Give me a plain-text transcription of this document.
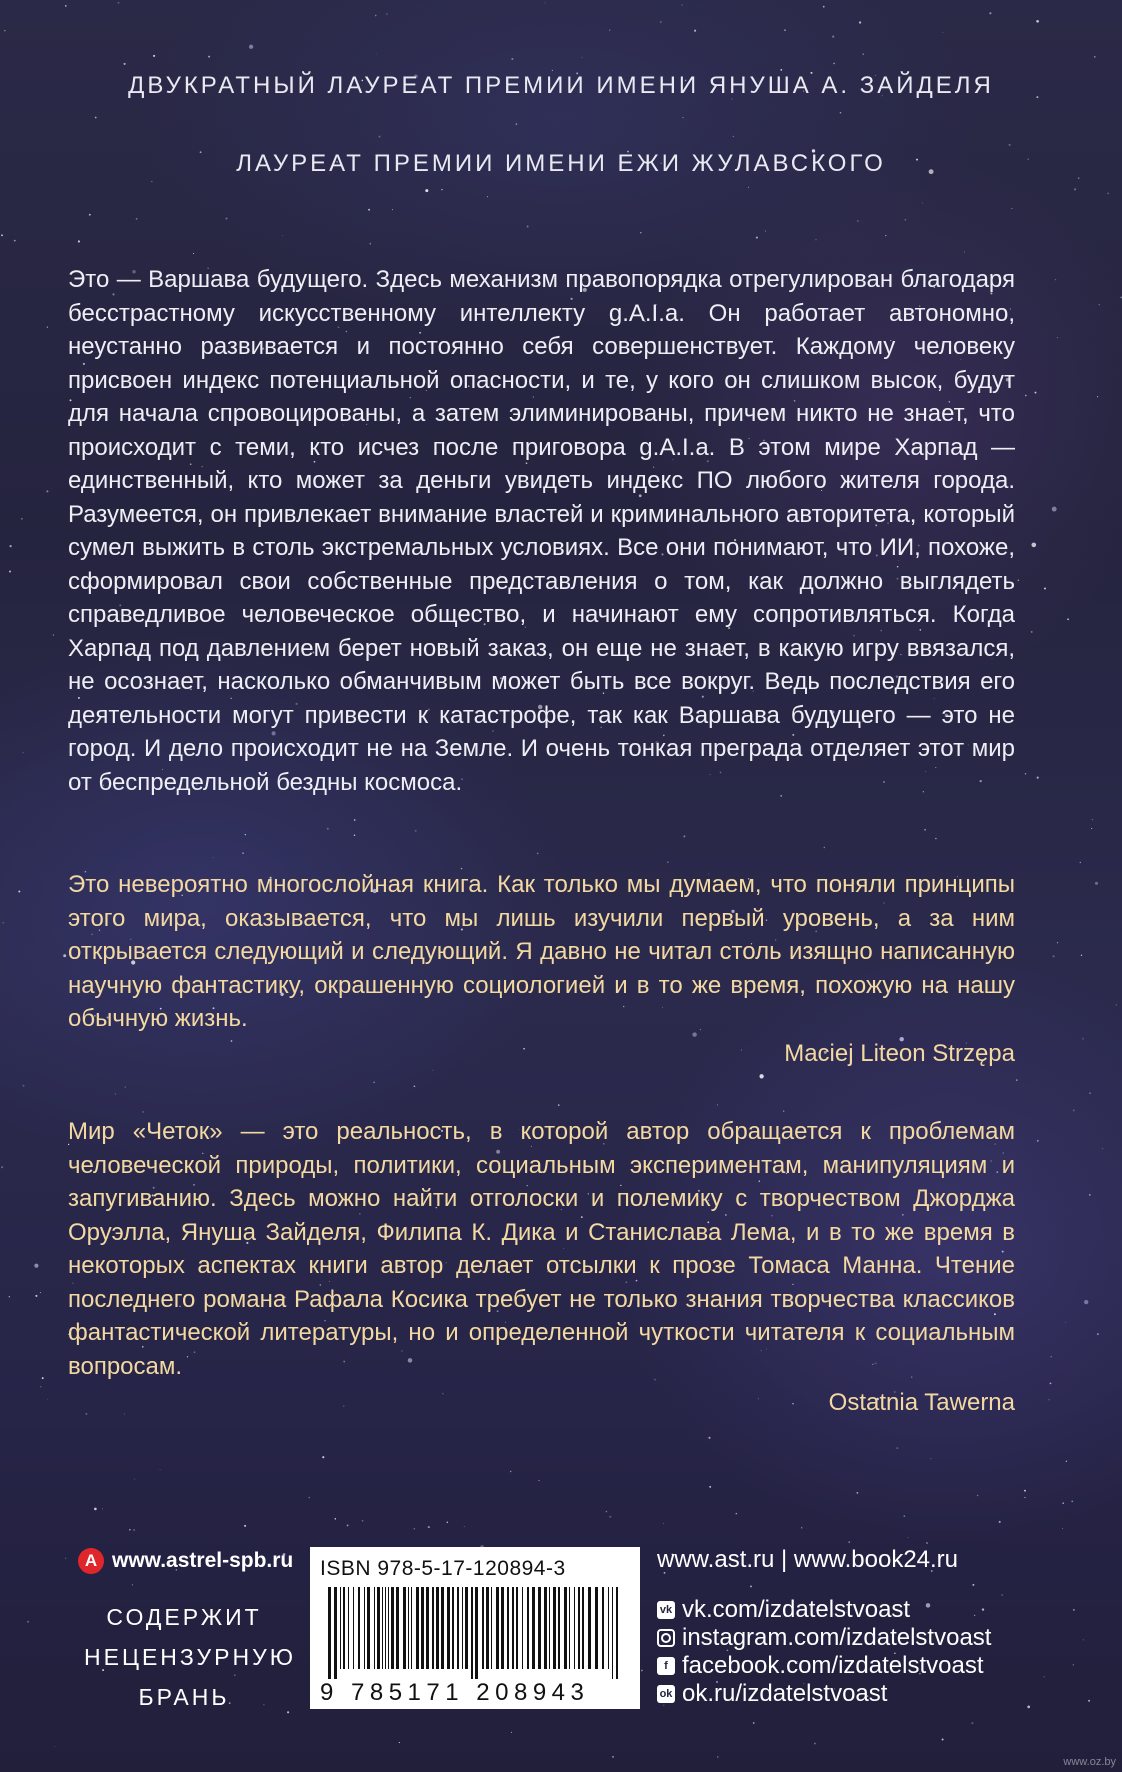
ДВУКРАТНЫЙ ЛАУРЕАТ ПРЕМИИ ИМЕНИ ЯНУША А. ЗАЙДЕЛЯ
ЛАУРЕАТ ПРЕМИИ ИМЕНИ ЕЖИ ЖУЛАВСКОГО

Это — Варшава будущего. Здесь механизм правопорядка отрегулирован благодаря бесстрастному искусственному интеллекту g.A.I.a. Он работает автономно, неустанно развивается и постоянно себя совершенствует. Каждому человеку присвоен индекс потенциальной опасности, и те, у кого он слишком высок, будут для начала спровоцированы, а затем элиминированы, причем никто не знает, что происходит с теми, кто исчез после приговора g.A.I.a. В этом мире Харпад — единственный, кто может за деньги увидеть индекс ПО любого жителя города. Разумеется, он привлекает внимание властей и криминального авторитета, который сумел выжить в столь экстремальных условиях. Все они понимают, что ИИ, похоже, сформировал свои собственные представления о том, как должно выглядеть справедливое человеческое общество, и начинают ему сопротивляться. Когда Харпад под давлением берет новый заказ, он еще не знает, в какую игру ввязался, не осознает, насколько обманчивым может быть все вокруг. Ведь последствия его деятельности могут привести к катастрофе, так как Варшава будущего — это не город. И дело происходит не на Земле. И очень тонкая преграда отделяет этот мир от беспредельной бездны космоса.

Это невероятно многослойная книга. Как только мы думаем, что поняли принципы этого мира, оказывается, что мы лишь изучили первый уровень, а за ним открывается следующий и следующий. Я давно не читал столь изящно написанную научную фантастику, окрашенную социологией и в то же время, похожую на нашу обычную жизнь.

Maciej Liteon Strzępa

Мир «Четок» — это реальность, в которой автор обращается к проблемам человеческой природы, политики, социальным экспериментам, манипуляциям и запугиванию. Здесь можно найти отголоски и полемику с творчеством Джорджа Оруэлла, Януша Зайделя, Филипа К. Дика и Станислава Лема, и в то же время в некоторых аспектах книги автор делает отсылки к прозе Томаса Манна. Чтение последнего романа Рафала Косика требует не только знания творчества классиков фантастической литературы, но и определенной чуткости читателя к социальным вопросам.

Ostatnia Tawerna
A www.astrel-spb.ru
СОДЕРЖИТ
НЕЦЕНЗУРНУЮ
БРАНЬ
ISBN 978-5-17-120894-3
9 785171 208943
www.ast.ru | www.book24.ru
vk vk.com/izdatelstvoast
instagram.com/izdatelstvoast
f facebook.com/izdatelstvoast
ok ok.ru/izdatelstvoast
www.oz.by
